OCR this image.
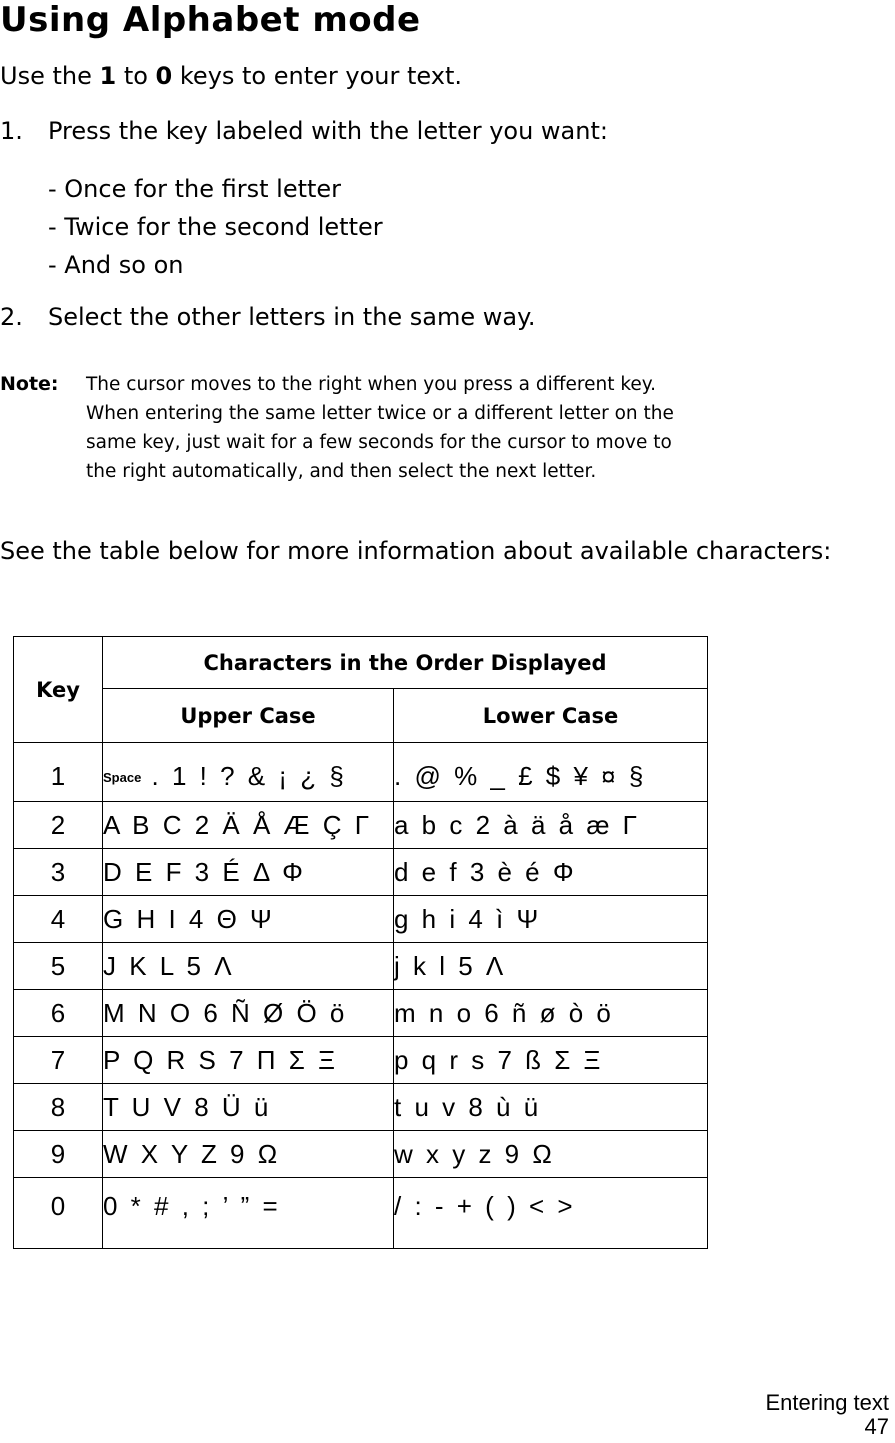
Using Alphabet mode
Use the 1 to 0 keys to enter your text.
1. Press the key labeled with the letter you want:
- Once for the first letter
- Twice for the second letter
- And so on
2. Select the other letters in the same way.
Note: The cursor moves to the right when you press a different key.
When entering the same letter twice or a different letter on the
same key, just wait for a few seconds for the cursor to move to
the right automatically, and then select the next letter.
See the table below for more information about available characters:
Key	Characters in the Order Displayed	
	Upper Case	Lower Case
1	Space . 1 ! ? & ¡ ¿ §	. @ % _ £ $ ¥ ¤ §
2	A B C 2 Ä Å Æ Ç Γ	a b c 2 à ä å æ Γ
3	D E F 3 É Δ Φ	d e f 3 è é Φ
4	G H I 4 Θ Ψ	g h i 4 ì Ψ
5	J K L 5 Λ	j k l 5 Λ
6	M N O 6 Ñ Ø Ö ö	m n o 6 ñ ø ò ö
7	P Q R S 7 Π Σ Ξ	p q r s 7 ß Σ Ξ
8	T U V 8 Ü ü	t u v 8 ù ü
9	W X Y Z 9 Ω	w x y z 9 Ω
0	0 * # , ; ’ ” =	/ : - + ( ) < >
Entering text
47
